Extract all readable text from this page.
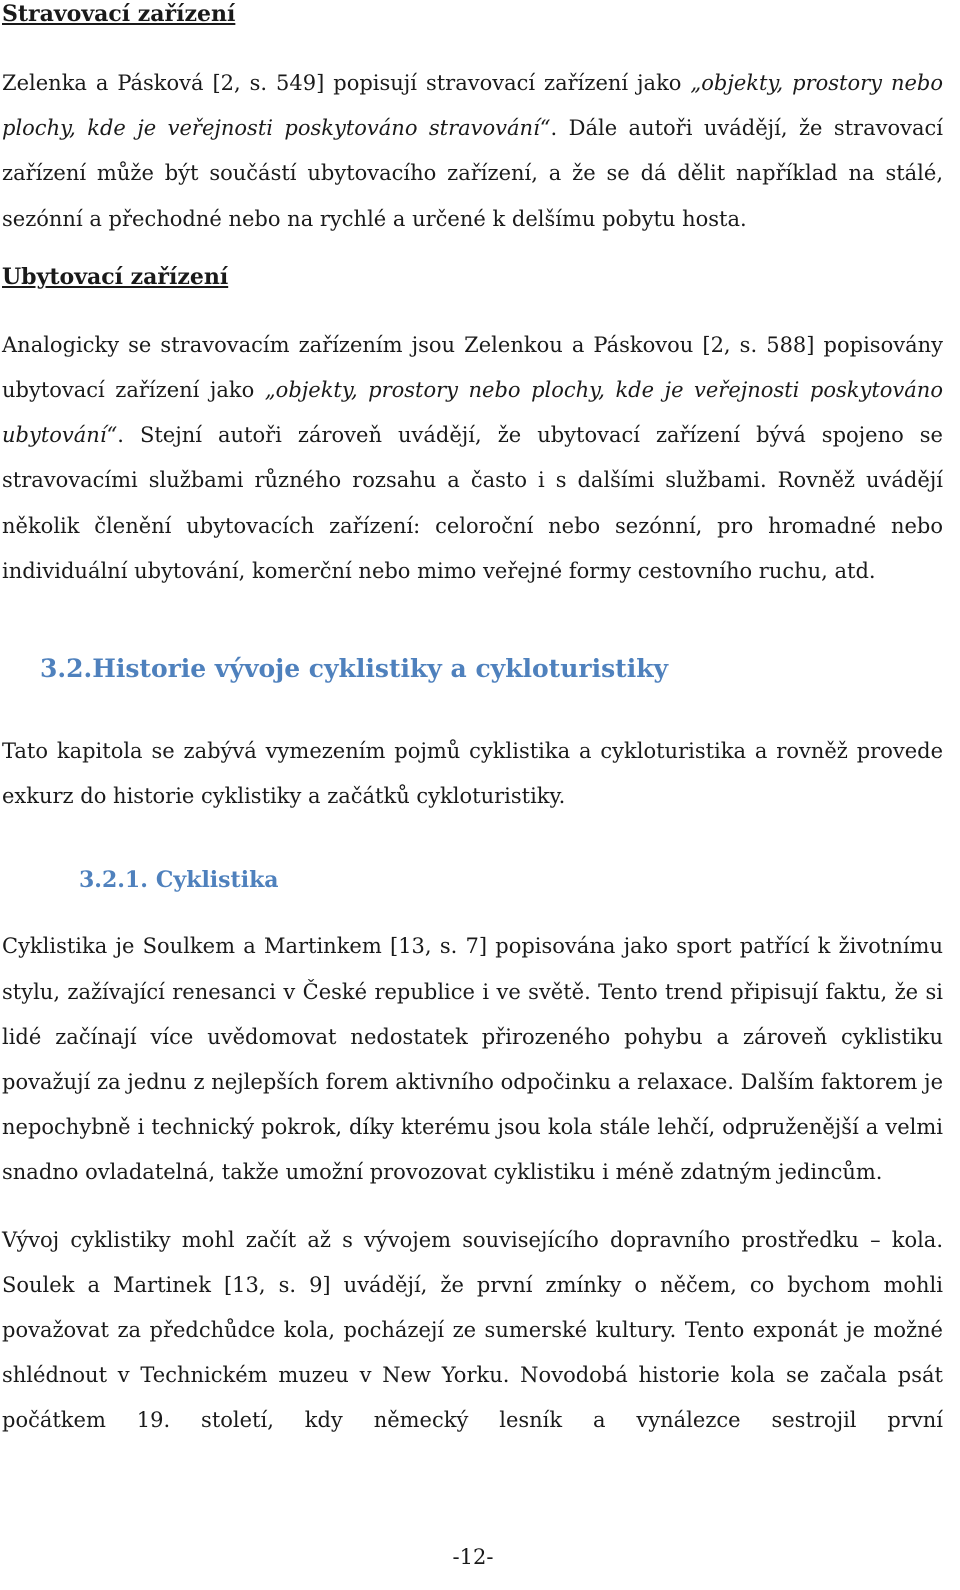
Stravovací zařízení

Zelenka a Pásková [2, s. 549] popisují stravovací zařízení jako „objekty, prostory nebo plochy, kde je veřejnosti poskytováno stravování“. Dále autoři uvádějí, že stravovací zařízení může být součástí ubytovacího zařízení, a že se dá dělit například na stálé, sezónní a přechodné nebo na rychlé a určené k delšímu pobytu hosta.

Ubytovací zařízení

Analogicky se stravovacím zařízením jsou Zelenkou a Páskovou [2, s. 588] popisovány ubytovací zařízení jako „objekty, prostory nebo plochy, kde je veřejnosti poskytováno ubytování“. Stejní autoři zároveň uvádějí, že ubytovací zařízení bývá spojeno se stravovacími službami různého rozsahu a často i s dalšími službami. Rovněž uvádějí několik členění ubytovacích zařízení: celoroční nebo sezónní, pro hromadné nebo individuální ubytování, komerční nebo mimo veřejné formy cestovního ruchu, atd.

3.2.Historie vývoje cyklistiky a cykloturistiky

Tato kapitola se zabývá vymezením pojmů cyklistika a cykloturistika a rovněž provede exkurz do historie cyklistiky a začátků cykloturistiky.

3.2.1. Cyklistika

Cyklistika je Soulkem a Martinkem [13, s. 7] popisována jako sport patřící k životnímu stylu, zažívající renesanci v České republice i ve světě. Tento trend připisují faktu, že si lidé začínají více uvědomovat nedostatek přirozeného pohybu a zároveň cyklistiku považují za jednu z nejlepších forem aktivního odpočinku a relaxace. Dalším faktorem je nepochybně i technický pokrok, díky kterému jsou kola stále lehčí, odpruženější a velmi snadno ovladatelná, takže umožní provozovat cyklistiku i méně zdatným jedincům.

Vývoj cyklistiky mohl začít až s vývojem souvisejícího dopravního prostředku – kola. Soulek a Martinek [13, s. 9] uvádějí, že první zmínky o něčem, co bychom mohli považovat za předchůdce kola, pocházejí ze sumerské kultury. Tento exponát je možné shlédnout v Technickém muzeu v New Yorku. Novodobá historie kola se začala psát počátkem 19. století, kdy německý lesník a vynálezce sestrojil první

-12-
